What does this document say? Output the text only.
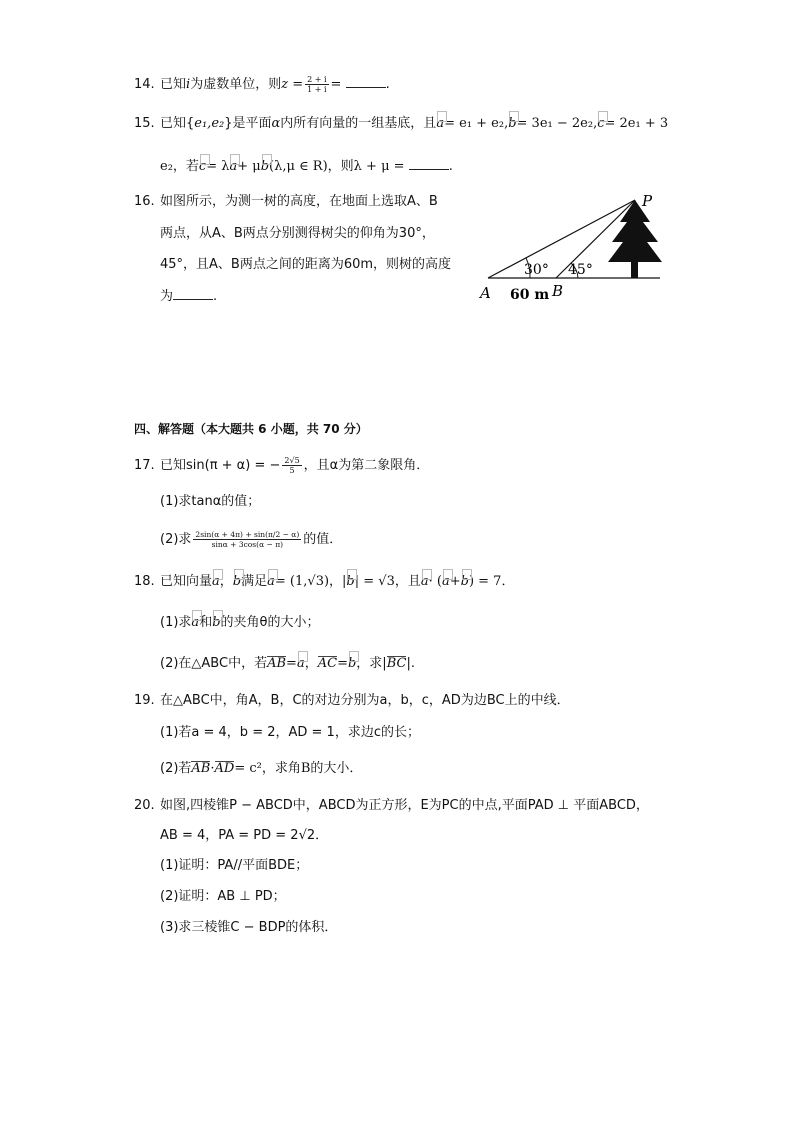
14. 已知i为虚数单位，则$z = \frac{2 + i}{1 + i}$ =	.
15. 已知{e₁,e₂}是平面α内所有向量的一组基底，且a= e₁ + e₂,b= 3e₁ − 2e₂,c= 2e₁ + 3
e₂，若c= λa+ μb(λ,μ ∈ R)，则λ + μ =	.
16. 如图所示，为测一树的高度，在地面上选取A、B
两点，从A、B两点分别测得树尖的仰角为30°，
45°，且A、B两点之间的距离为60m，则树的高度
为	.
P
A	B
30° 45°
60 m
四、解答题（本大题共 6 小题，共 70 分）
17. 已知sin(π + α) = − $\frac{2√5}{5}$ ，且α为第二象限角．
(1)求tanα的值；
(2)求 $\frac{2\sin(\alpha + 4\pi) + \sin(\pi/2 - \alpha)}{\sin\alpha + 3\cos(\alpha - \pi)}$ 的值．
18. 已知向量a，b满足a= (1,√3)，|b| = √3，且a· (a+b) = 7．
(1)求a和b的夹角θ的大小；
(2)在△ABC中，若AB=a，AC=b，求|BC|.
19. 在△ABC中，角A，B，C的对边分别为a，b，c，AD为边BC上的中线．
(1)若a = 4，b = 2，AD = 1，求边c的长；
(2)若AB·AD= c²，求角B的大小．
20. 如图,四棱锥P − ABCD中，ABCD为正方形，E为PC的中点,平面PAD ⊥ 平面ABCD，
AB = 4，PA = PD = 2√2．
(1)证明：PA//平面BDE；
(2)证明：AB ⊥ PD；
(3)求三棱锥C − BDP的体积．
